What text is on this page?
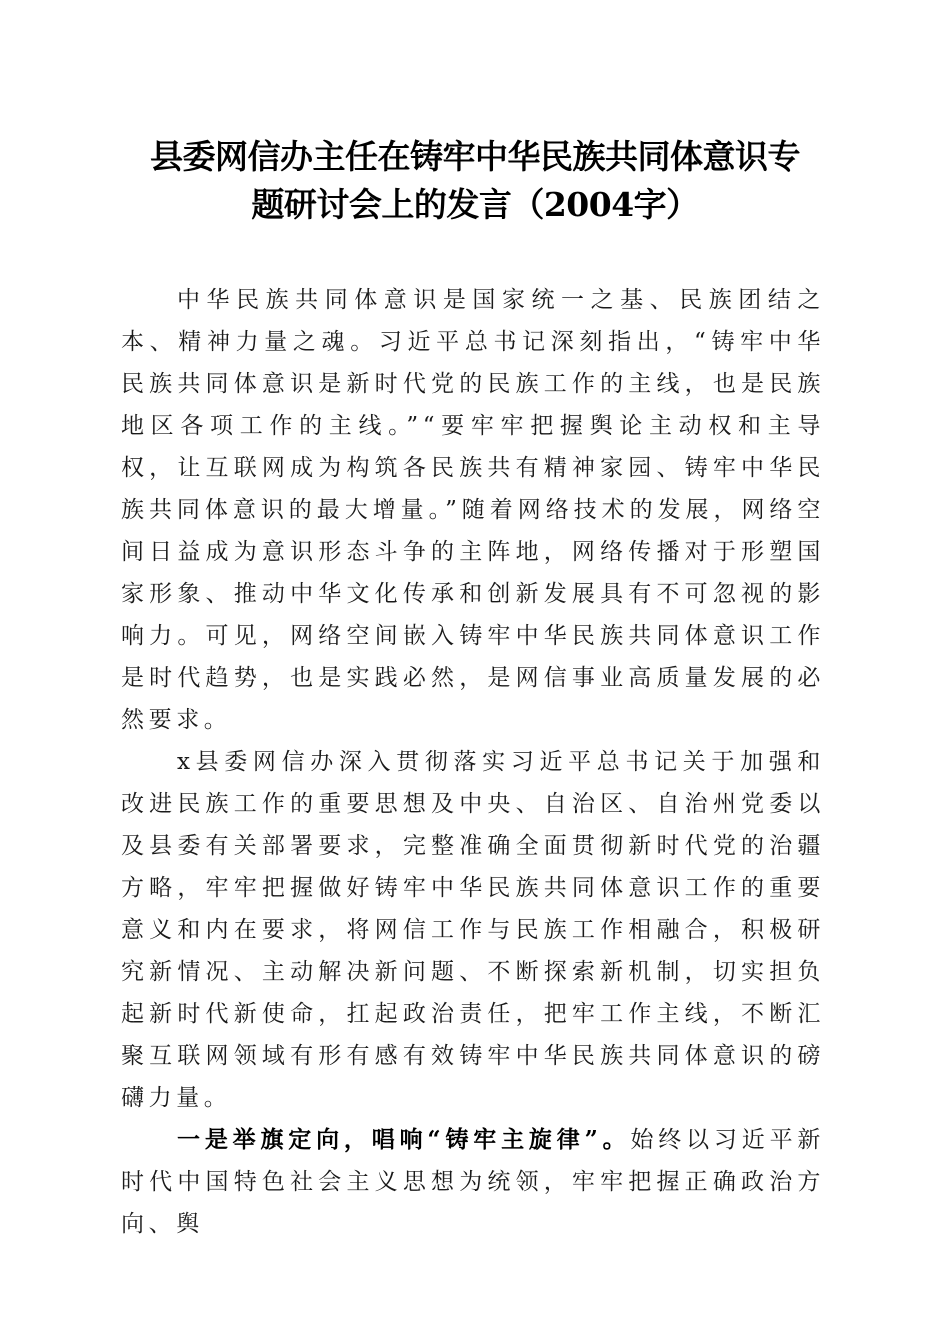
县委网信办主任在铸牢中华民族共同体意识专
题研讨会上的发言（2004字）

中华民族共同体意识是国家统一之基、民族团结之本、精神力量之魂。习近平总书记深刻指出，“铸牢中华民族共同体意识是新时代党的民族工作的主线，也是民族地区各项工作的主线。”“要牢牢把握舆论主动权和主导权，让互联网成为构筑各民族共有精神家园、铸牢中华民族共同体意识的最大增量。”随着网络技术的发展，网络空间日益成为意识形态斗争的主阵地，网络传播对于形塑国家形象、推动中华文化传承和创新发展具有不可忽视的影响力。可见，网络空间嵌入铸牢中华民族共同体意识工作是时代趋势，也是实践必然，是网信事业高质量发展的必然要求。

x县委网信办深入贯彻落实习近平总书记关于加强和改进民族工作的重要思想及中央、自治区、自治州党委以及县委有关部署要求，完整准确全面贯彻新时代党的治疆方略，牢牢把握做好铸牢中华民族共同体意识工作的重要意义和内在要求，将网信工作与民族工作相融合，积极研究新情况、主动解决新问题、不断探索新机制，切实担负起新时代新使命，扛起政治责任，把牢工作主线，不断汇聚互联网领域有形有感有效铸牢中华民族共同体意识的磅礴力量。

一是举旗定向，唱响“铸牢主旋律”。始终以习近平新时代中国特色社会主义思想为统领，牢牢把握正确政治方向、舆
